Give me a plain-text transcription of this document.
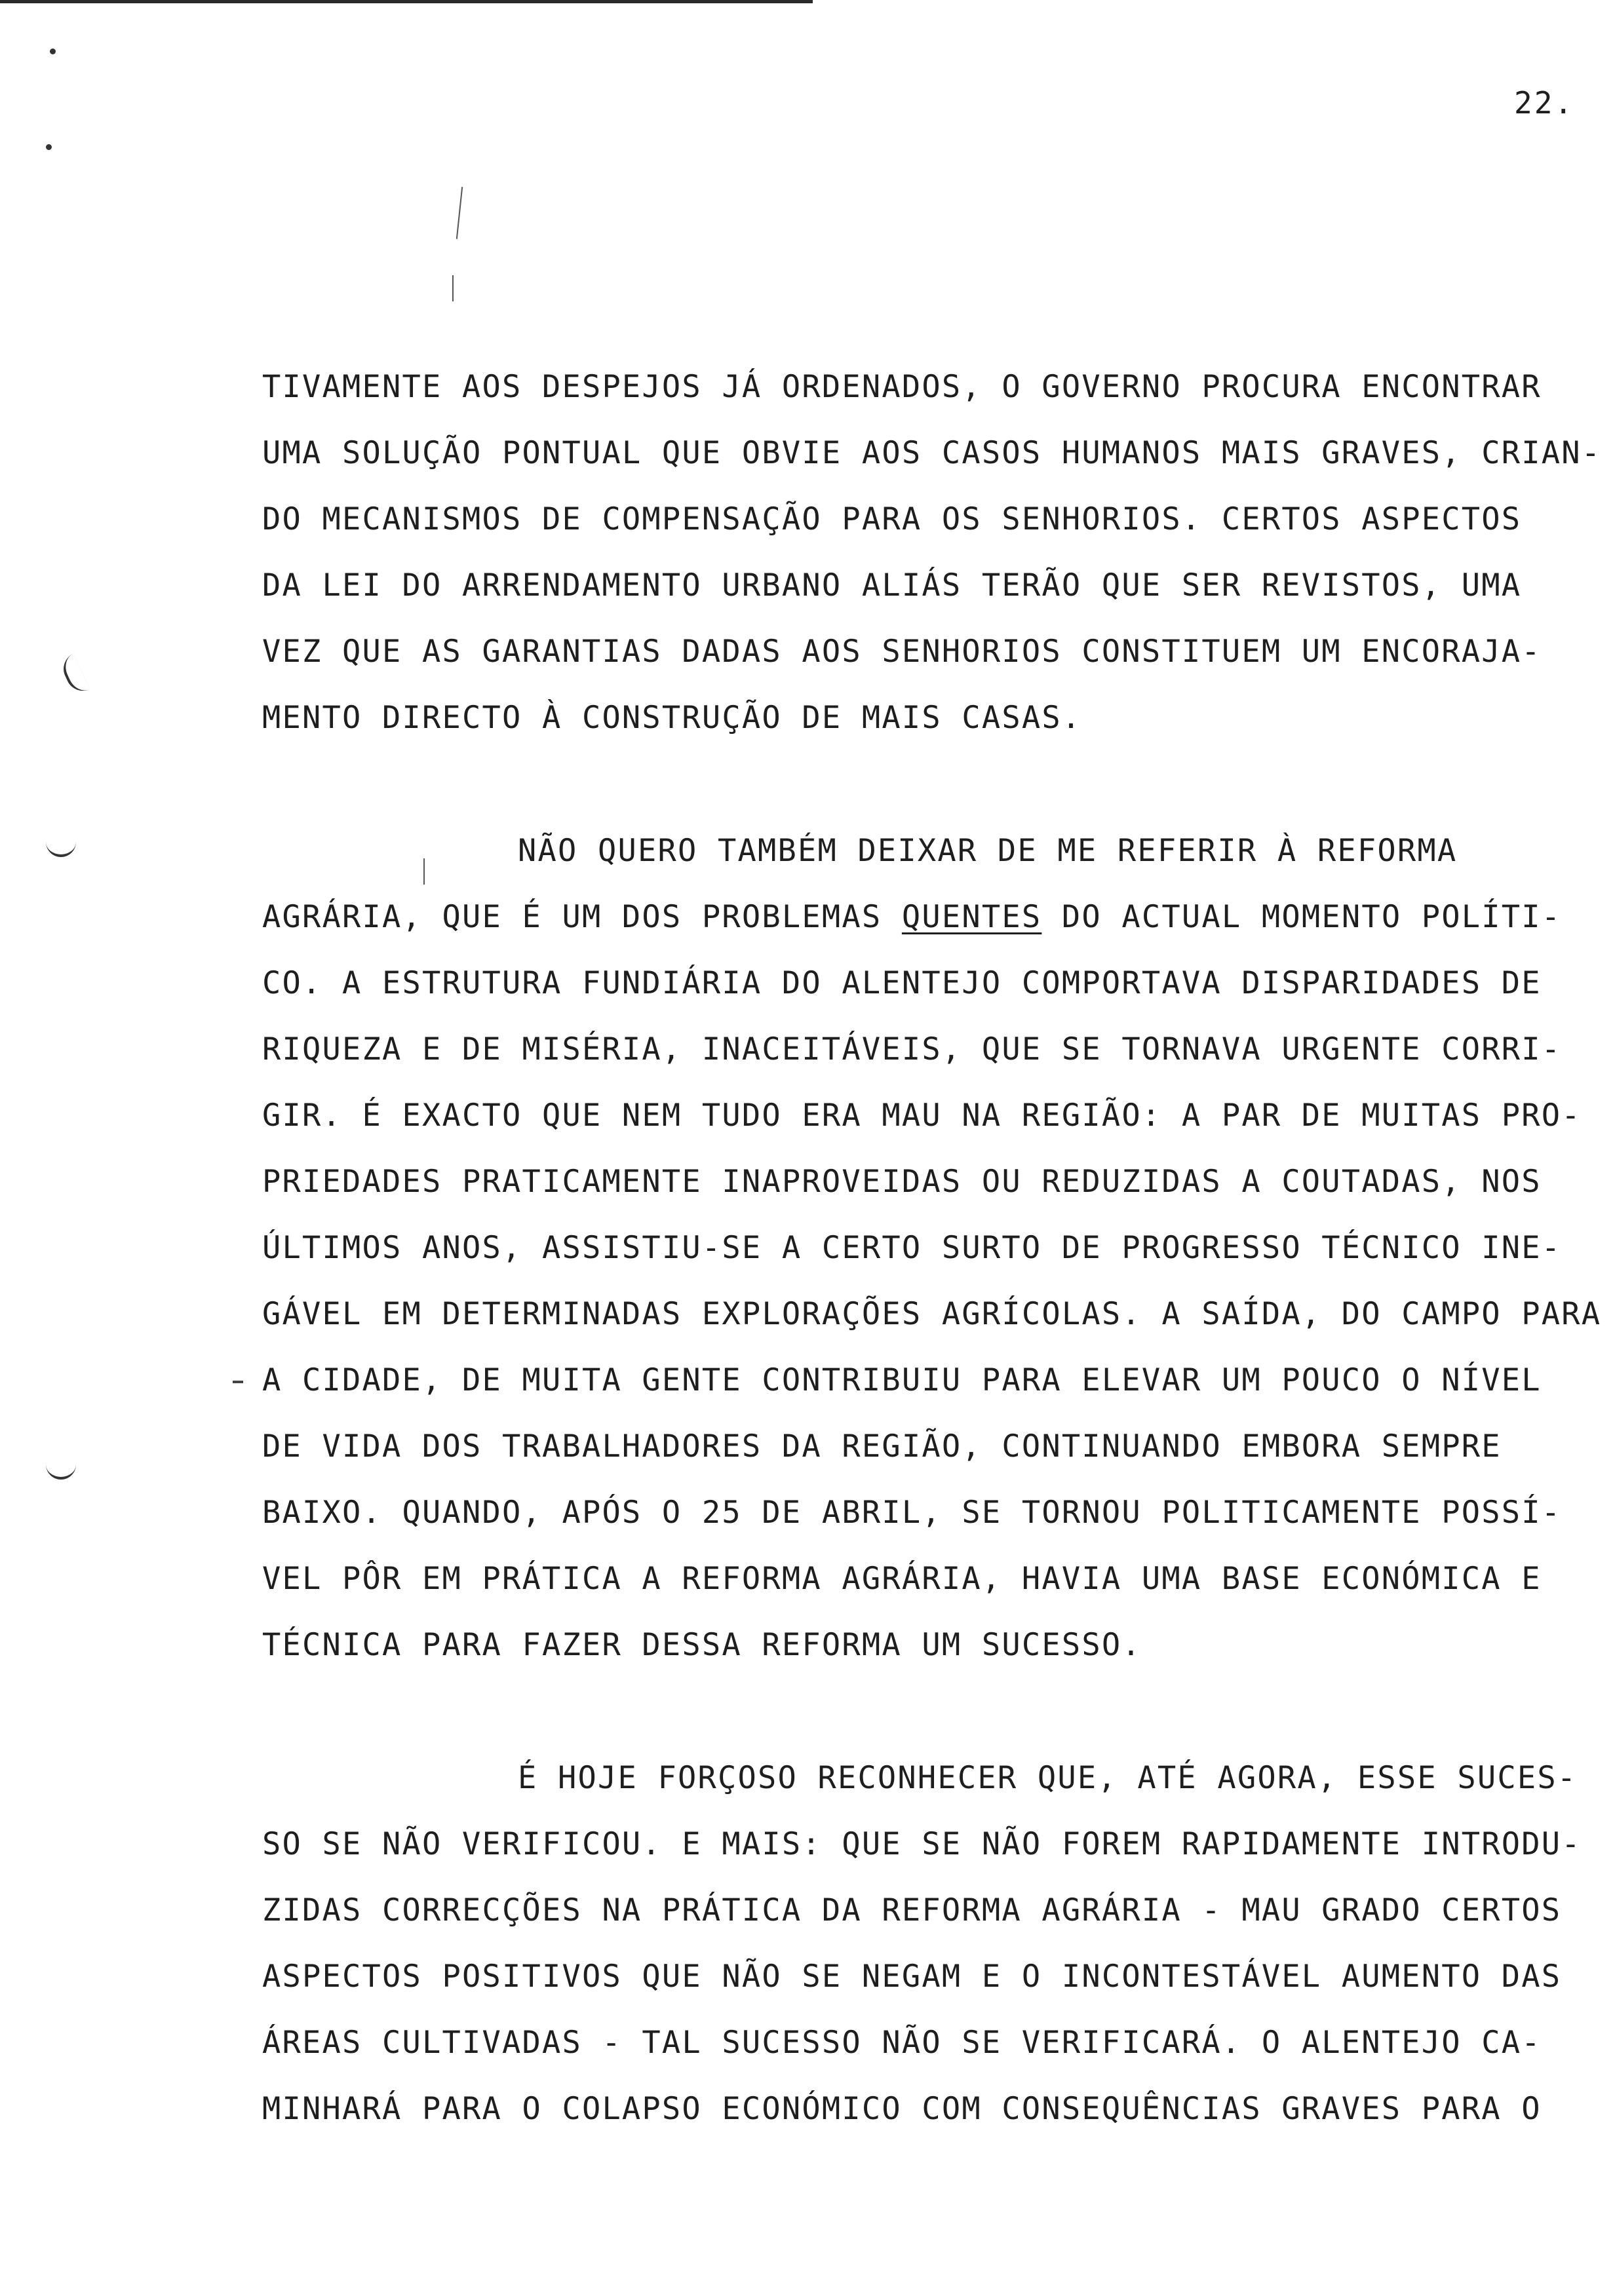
22.
TIVAMENTE AOS DESPEJOS JÁ ORDENADOS, O GOVERNO PROCURA ENCONTRAR
UMA SOLUÇÃO PONTUAL QUE OBVIE AOS CASOS HUMANOS MAIS GRAVES, CRIAN-
DO MECANISMOS DE COMPENSAÇÃO PARA OS SENHORIOS. CERTOS ASPECTOS
DA LEI DO ARRENDAMENTO URBANO ALIÁS TERÃO QUE SER REVISTOS, UMA
VEZ QUE AS GARANTIAS DADAS AOS SENHORIOS CONSTITUEM UM ENCORAJA-
MENTO DIRECTO À CONSTRUÇÃO DE MAIS CASAS.
NÃO QUERO TAMBÉM DEIXAR DE ME REFERIR À REFORMA
AGRÁRIA, QUE É UM DOS PROBLEMAS QUENTES DO ACTUAL MOMENTO POLÍTI-
CO. A ESTRUTURA FUNDIÁRIA DO ALENTEJO COMPORTAVA DISPARIDADES DE
RIQUEZA E DE MISÉRIA, INACEITÁVEIS, QUE SE TORNAVA URGENTE CORRI-
GIR. É EXACTO QUE NEM TUDO ERA MAU NA REGIÃO: A PAR DE MUITAS PRO-
PRIEDADES PRATICAMENTE INAPROVEIDAS OU REDUZIDAS A COUTADAS, NOS
ÚLTIMOS ANOS, ASSISTIU-SE A CERTO SURTO DE PROGRESSO TÉCNICO INE-
GÁVEL EM DETERMINADAS EXPLORAÇÕES AGRÍCOLAS. A SAÍDA, DO CAMPO PARA
A CIDADE, DE MUITA GENTE CONTRIBUIU PARA ELEVAR UM POUCO O NÍVEL
DE VIDA DOS TRABALHADORES DA REGIÃO, CONTINUANDO EMBORA SEMPRE
BAIXO. QUANDO, APÓS O 25 DE ABRIL, SE TORNOU POLITICAMENTE POSSÍ-
VEL PÔR EM PRÁTICA A REFORMA AGRÁRIA, HAVIA UMA BASE ECONÓMICA E
TÉCNICA PARA FAZER DESSA REFORMA UM SUCESSO.
É HOJE FORÇOSO RECONHECER QUE, ATÉ AGORA, ESSE SUCES-
SO SE NÃO VERIFICOU. E MAIS: QUE SE NÃO FOREM RAPIDAMENTE INTRODU-
ZIDAS CORRECÇÕES NA PRÁTICA DA REFORMA AGRÁRIA - MAU GRADO CERTOS
ASPECTOS POSITIVOS QUE NÃO SE NEGAM E O INCONTESTÁVEL AUMENTO DAS
ÁREAS CULTIVADAS - TAL SUCESSO NÃO SE VERIFICARÁ. O ALENTEJO CA-
MINHARÁ PARA O COLAPSO ECONÓMICO COM CONSEQUÊNCIAS GRAVES PARA O
